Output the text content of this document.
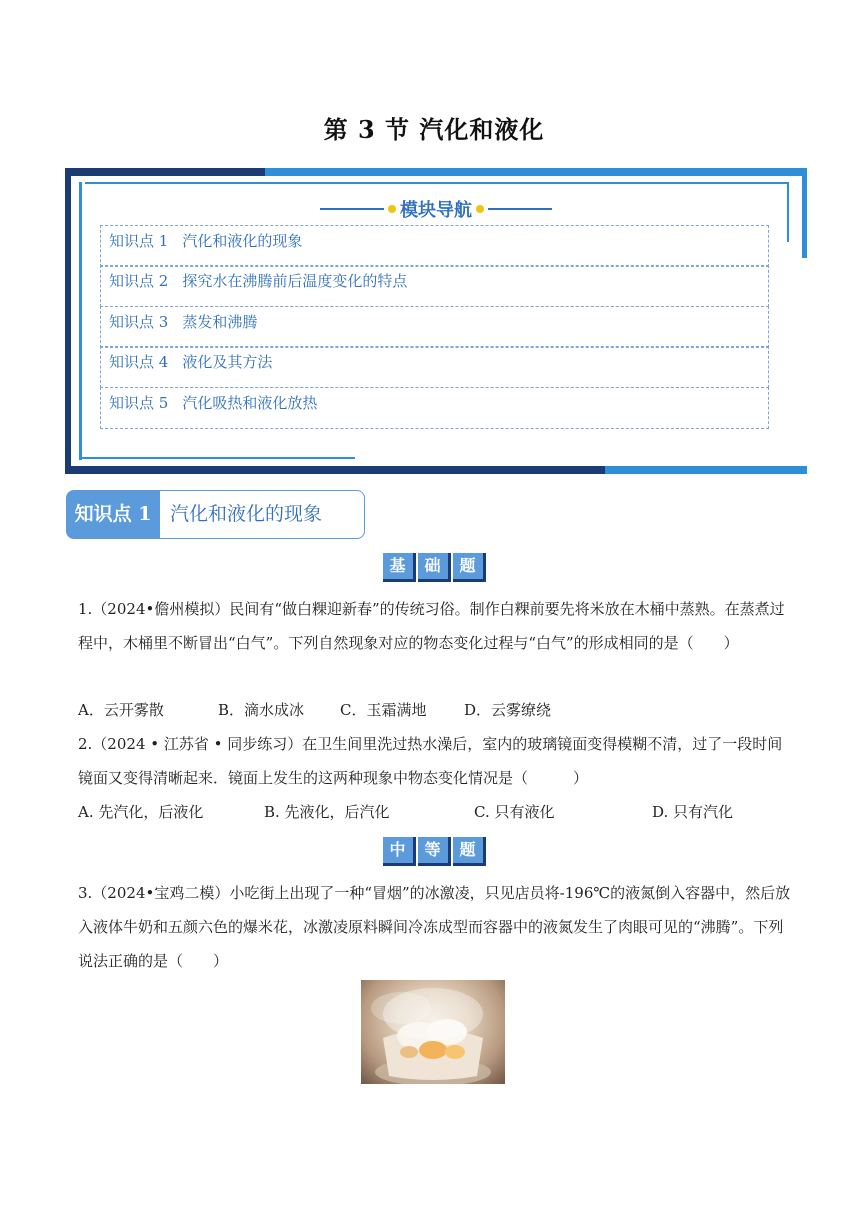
第 3 节 汽化和液化
模块导航
知识点 1 汽化和液化的现象
知识点 2 探究水在沸腾前后温度变化的特点
知识点 3 蒸发和沸腾
知识点 4 液化及其方法
知识点 5 汽化吸热和液化放热
知识点 1 汽化和液化的现象
基 础 题
1.（2024•儋州模拟）民间有“做白粿迎新春”的传统习俗。制作白粿前要先将米放在木桶中蒸熟。在蒸煮过程中，木桶里不断冒出“白气”。下列自然现象对应的物态变化过程与“白气”的形成相同的是（　　）
A．云开雾散	B．滴水成冰 C．玉霜满地	D．云雾缭绕
2.（2024 • 江苏省 • 同步练习）在卫生间里洗过热水澡后，室内的玻璃镜面变得模糊不清，过了一段时间镜面又变得清晰起来．镜面上发生的这两种现象中物态变化情况是（　　　）
A. 先汽化，后液化	B. 先液化，后汽化	C. 只有液化	D. 只有汽化
中 等 题
3.（2024•宝鸡二模）小吃街上出现了一种“冒烟”的冰激凌，只见店员将-196℃的液氮倒入容器中，然后放入液体牛奶和五颜六色的爆米花，冰激凌原料瞬间冷冻成型而容器中的液氮发生了肉眼可见的“沸腾”。下列说法正确的是（　　）
